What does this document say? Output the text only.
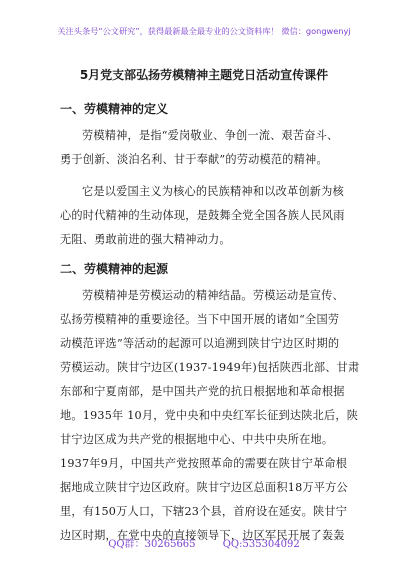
关注头条号“公文研究”，获得最新最全最专业的公文资料库！ 微信：gongwenyj
5月党支部弘扬劳模精神主题党日活动宣传课件
一、劳模精神的定义
劳模精神，是指“爱岗敬业、争创一流、艰苦奋斗、
勇于创新、淡泊名利、甘于奉献”的劳动模范的精神。
它是以爱国主义为核心的民族精神和以改革创新为核
心的时代精神的生动体现，是鼓舞全党全国各族人民风雨
无阻、勇敢前进的强大精神动力。
二、劳模精神的起源
劳模精神是劳模运动的精神结晶。劳模运动是宣传、
弘扬劳模精神的重要途径。当下中国开展的诸如“全国劳
动模范评选”等活动的起源可以追溯到陕甘宁边区时期的
劳模运动。陕甘宁边区(1937-1949年)包括陕西北部、甘肃
东部和宁夏南部，是中国共产党的抗日根据地和革命根据
地。1935年 10月，党中央和中央红军长征到达陕北后，陕
甘宁边区成为共产党的根据地中心、中共中央所在地。
1937年9月，中国共产党按照革命的需要在陕甘宁革命根
据地成立陕甘宁边区政府。陕甘宁边区总面积18万平方公
里，有150万人口，下辖23个县，首府设在延安。陕甘宁
边区时期，在党中央的直接领导下，边区军民开展了轰轰
QQ群：30265665	QQ:535304092
